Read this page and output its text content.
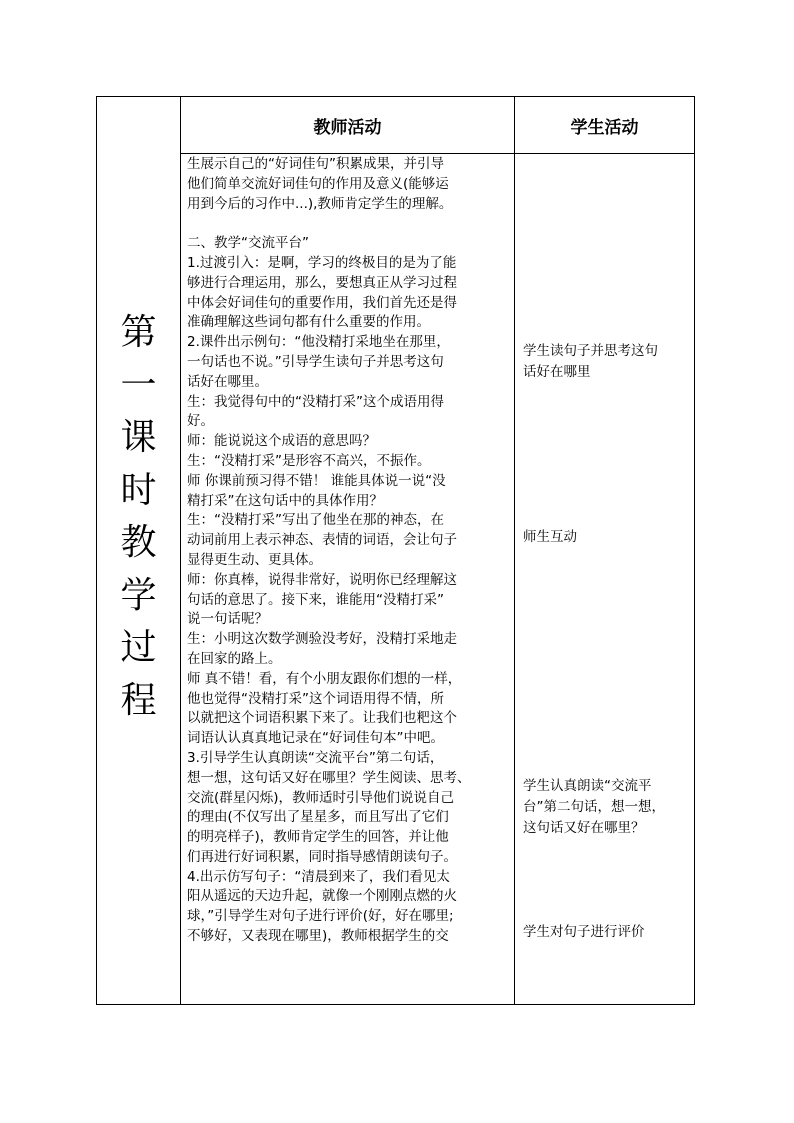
教师活动	学生活动
第
一
课
时
教
学
过
程
生展示自己的“好词佳句”积累成果，并引导
他们简单交流好词佳句的作用及意义(能够运
用到今后的习作中...),教师肯定学生的理解。
二、教学“交流平台”
1.过渡引入：是啊，学习的终极目的是为了能
够进行合理运用，那么，要想真正从学习过程
中体会好词佳句的重要作用，我们首先还是得
准确理解这些词句都有什么重要的作用。
2.课件出示例句：“他没精打采地坐在那里，
一句话也不说。”引导学生读句子并思考这句
话好在哪里。
生：我觉得句中的“没精打采”这个成语用得
好。
师：能说说这个成语的意思吗？
生：“没精打采”是形容不高兴，不振作。
师 你课前预习得不错！ 谁能具体说一说“没
精打采”在这句话中的具体作用？
生：“没精打采”写出了他坐在那的神态，在
动词前用上表示神态、表情的词语，会让句子
显得更生动、更具体。
师：你真棒，说得非常好，说明你已经理解这
句话的意思了。接下来，谁能用“没精打采”
说一句话呢？
生：小明这次数学测验没考好，没精打采地走
在回家的路上。
师 真不错！看，有个小朋友跟你们想的一样，
他也觉得“没精打采”这个词语用得不情，所
以就把这个词语积累下来了。让我们也粑这个
词语认认真真地记录在“好词佳句本”中吧。
3.引导学生认真朗读“交流平台”第二句话，
想一想，这句话又好在哪里？学生阅读、思考、
交流(群星闪烁)，教师适时引导他们说说自己
的理由(不仅写出了星星多，而且写出了它们
的明亮样子)，教师肯定学生的回答，并让他
们再进行好词积累，同时指导感情朗读句子。
4.出示仿写句子：“清晨到来了，我们看见太
阳从遥远的天边升起，就像一个刚刚点燃的火
球，”引导学生对句子进行评价(好，好在哪里;
不够好，又表现在哪里)，教师根据学生的交
学生读句子并思考这句
话好在哪里
师生互动
学生认真朗读“交流平
台”第二句话，想一想，
这句话又好在哪里？
学生对句子进行评价
